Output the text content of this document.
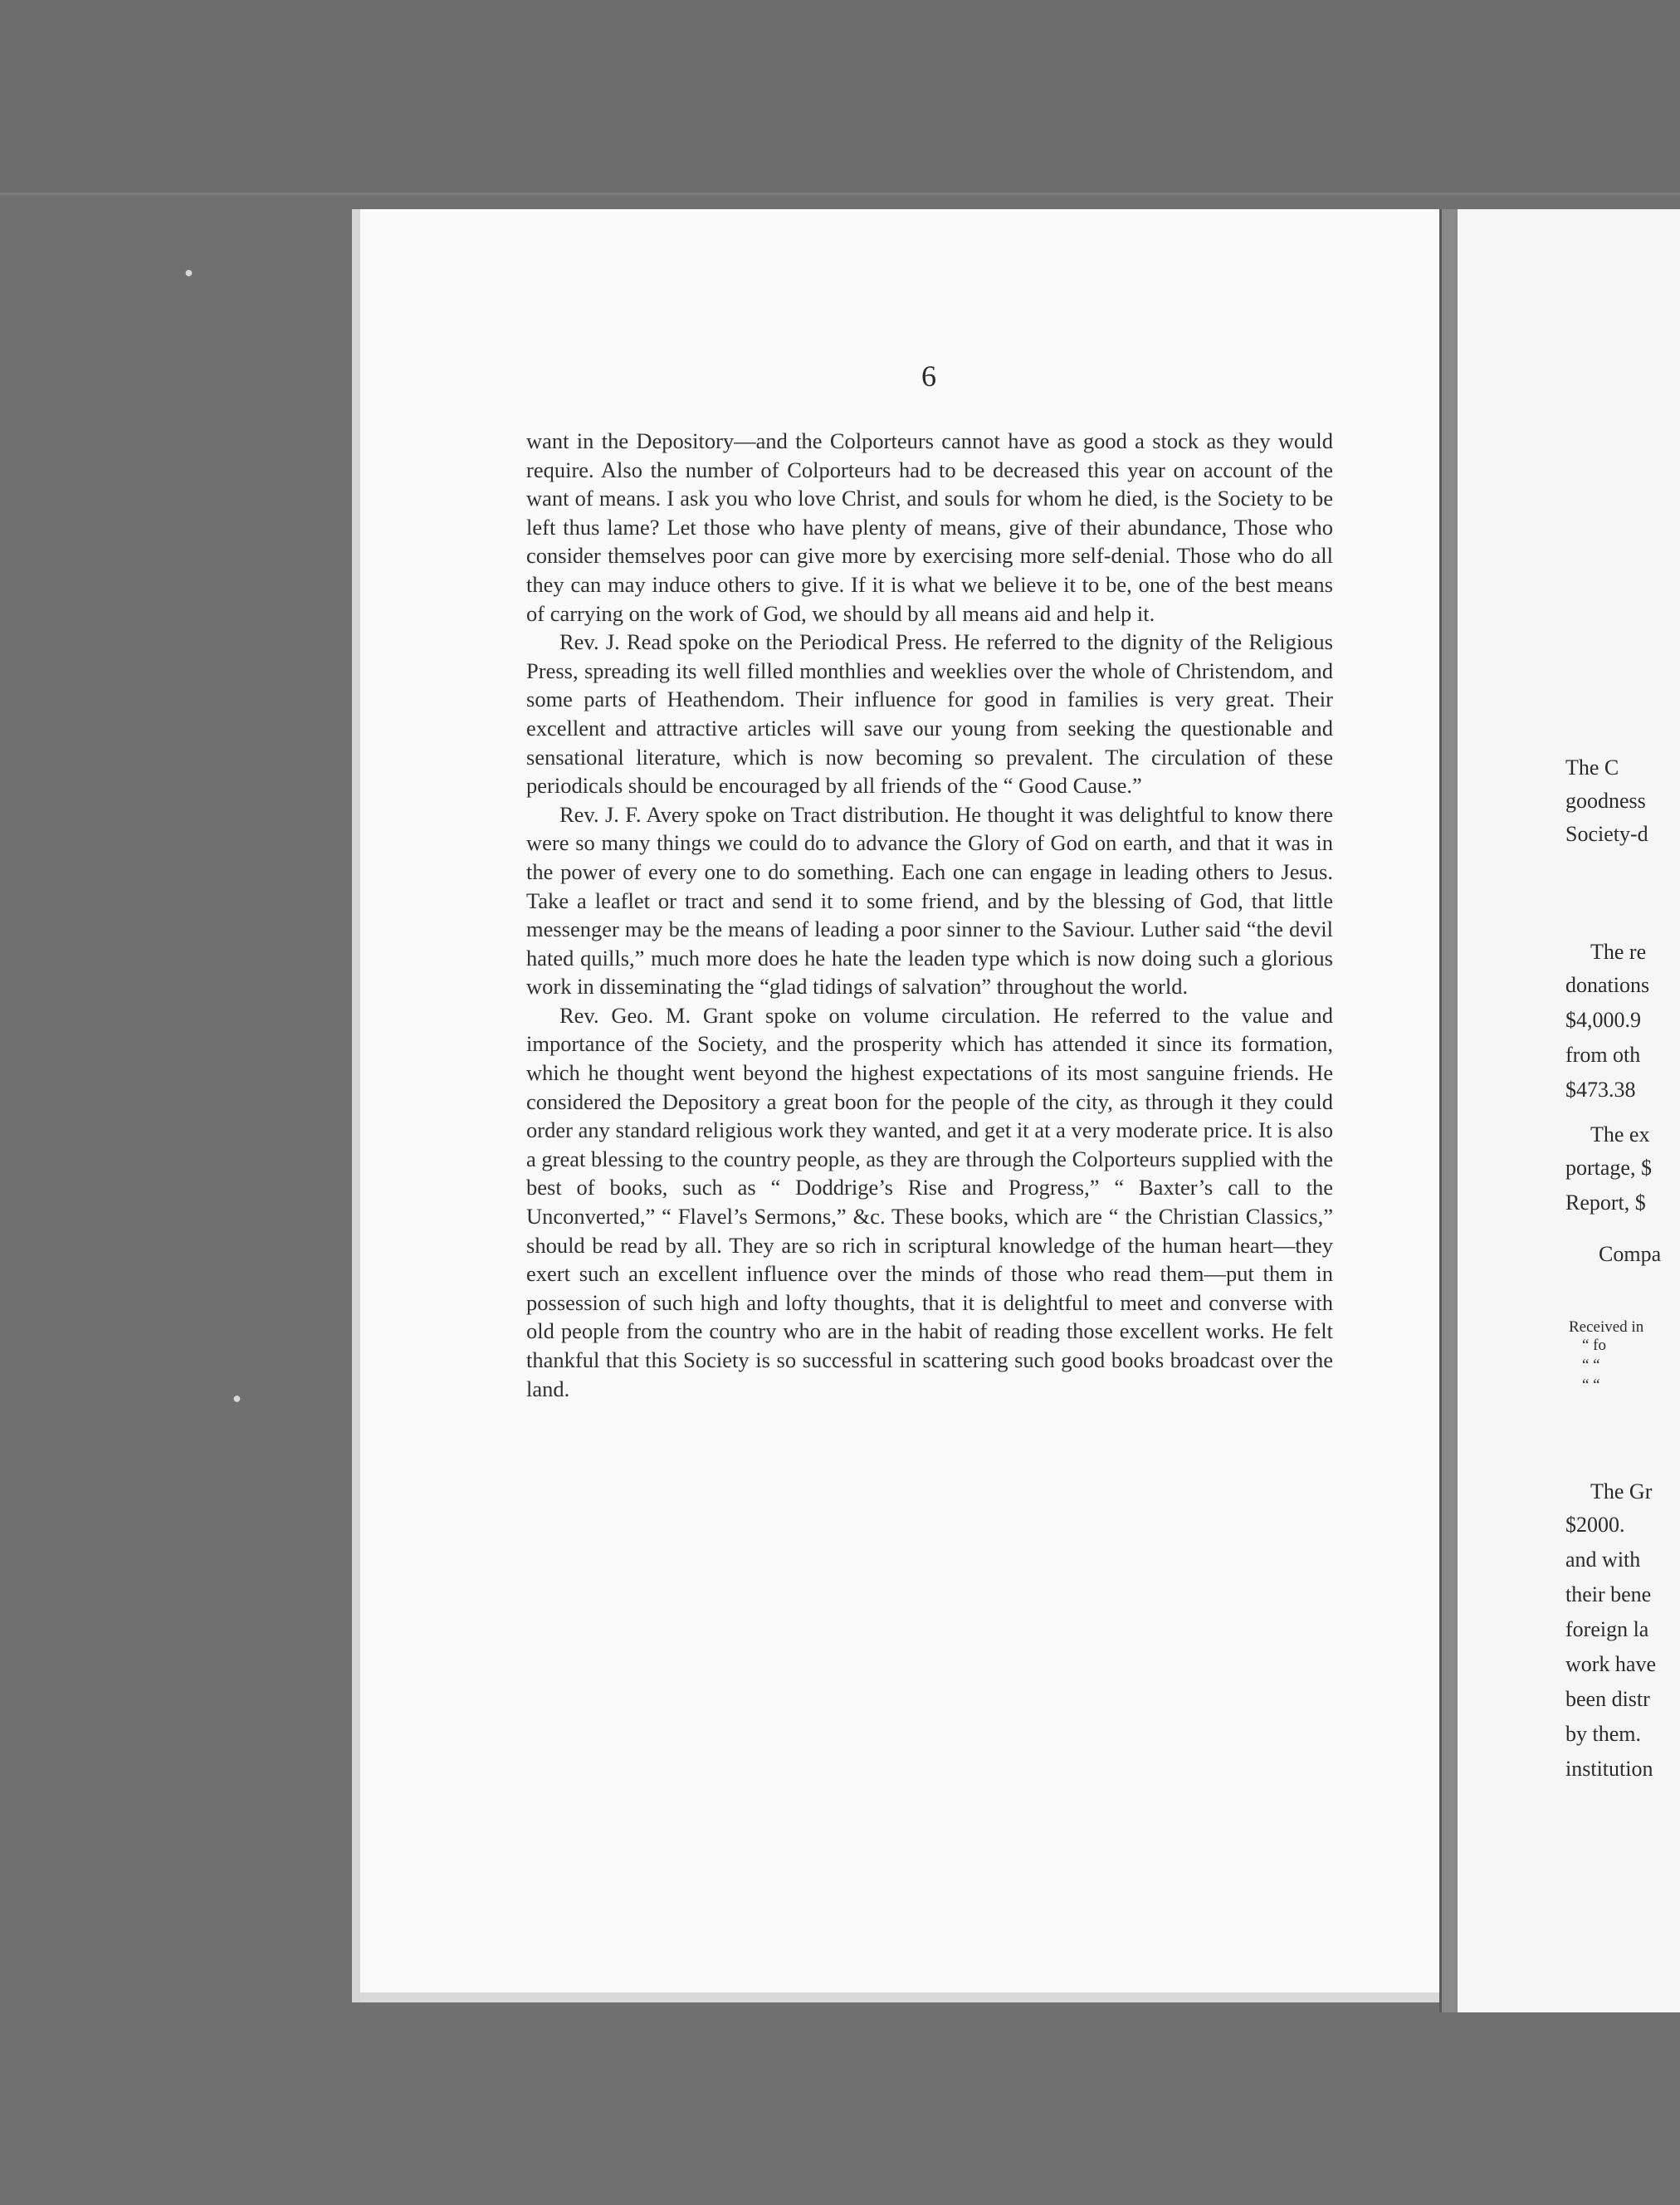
●
●
6

want in the Depository—and the Colporteurs cannot have as good a stock as they would require. Also the number of Colporteurs had to be decreased this year on account of the want of means. I ask you who love Christ, and souls for whom he died, is the Society to be left thus lame? Let those who have plenty of means, give of their abundance, Those who consider themselves poor can give more by exercising more self-denial. Those who do all they can may induce others to give. If it is what we believe it to be, one of the best means of carrying on the work of God, we should by all means aid and help it.

Rev. J. Read spoke on the Periodical Press. He referred to the dignity of the Religious Press, spreading its well filled monthlies and weeklies over the whole of Christendom, and some parts of Heathendom. Their influence for good in families is very great. Their excellent and attractive articles will save our young from seeking the questionable and sensational literature, which is now becoming so prevalent. The circulation of these periodicals should be encouraged by all friends of the “ Good Cause.”

Rev. J. F. Avery spoke on Tract distribution. He thought it was delightful to know there were so many things we could do to advance the Glory of God on earth, and that it was in the power of every one to do something. Each one can engage in leading others to Jesus. Take a leaflet or tract and send it to some friend, and by the blessing of God, that little messenger may be the means of leading a poor sinner to the Saviour. Luther said “the devil hated quills,” much more does he hate the leaden type which is now doing such a glorious work in disseminating the “glad tidings of salvation” throughout the world.

Rev. Geo. M. Grant spoke on volume circulation. He referred to the value and importance of the Society, and the prosperity which has attended it since its formation, which he thought went beyond the highest expectations of its most sanguine friends. He considered the Depository a great boon for the people of the city, as through it they could order any standard religious work they wanted, and get it at a very moderate price. It is also a great blessing to the country people, as they are through the Colporteurs supplied with the best of books, such as “ Doddrige’s Rise and Progress,” “ Baxter’s call to the Unconverted,” “ Flavel’s Sermons,” &c. These books, which are “ the Christian Classics,” should be read by all. They are so rich in scriptural knowledge of the human heart—they exert such an excellent influence over the minds of those who read them—put them in possession of such high and lofty thoughts, that it is delightful to meet and converse with old people from the country who are in the habit of reading those excellent works. He felt thankful that this Society is so successful in scattering such good books broadcast over the land.

The C
goodness
Society-d
The re
donations
$4,000.9
from oth
$473.38
The ex
portage, $
Report, $
Compa
Received in
“ fo
“ “
“ “
The Gr
$2000.
and with
their bene
foreign la
work have
been distr
by them.
institution
